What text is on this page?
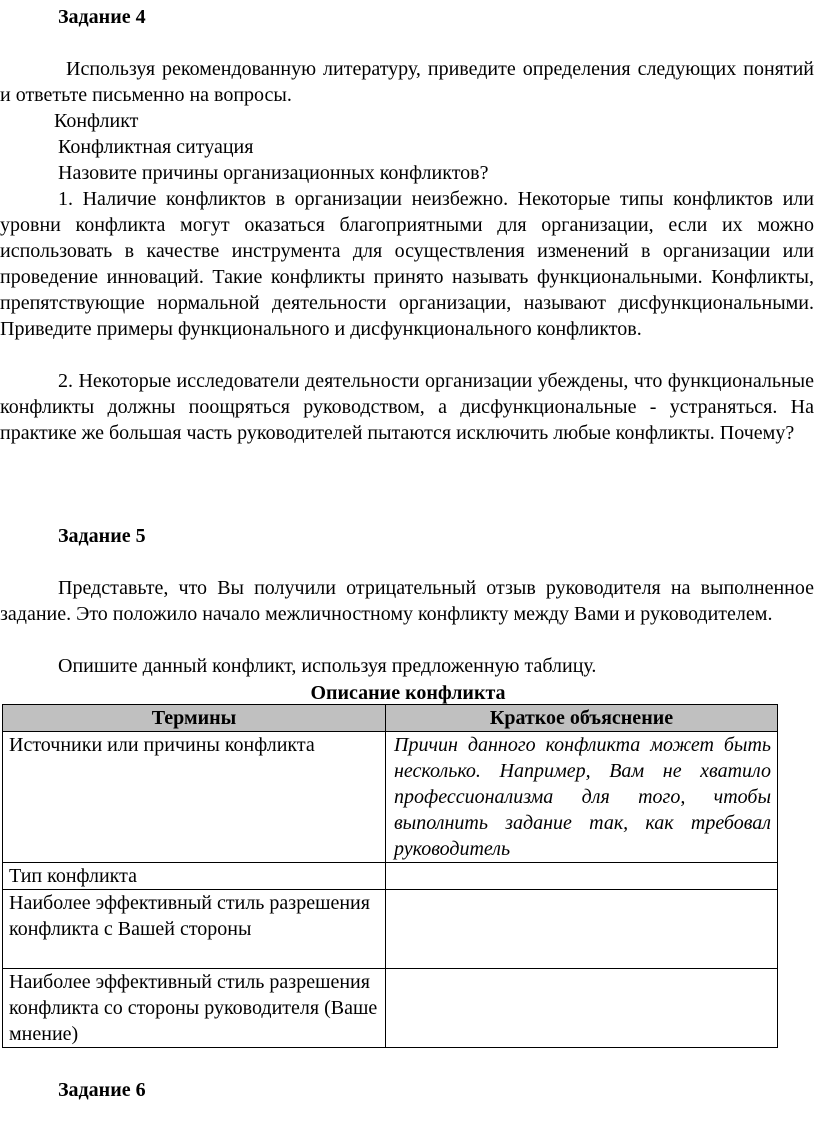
Задание 4

Используя рекомендованную литературу, приведите определения следующих понятий и ответьте письменно на вопросы.

Конфликт

Конфликтная ситуация

Назовите причины организационных конфликтов?

1. Наличие конфликтов в организации неизбежно. Некоторые типы конфликтов или уровни конфликта могут оказаться благоприятными для организации, если их можно использовать в качестве инструмента для осуществления изменений в организации или проведение инноваций. Такие конфликты принято называть функциональными. Конфликты, препятствующие нормальной деятельности организации, называют дисфункциональными. Приведите примеры функционального и дисфункционального конфликтов.

2. Некоторые исследователи деятельности организации убеждены, что функциональные конфликты должны поощряться руководством, а дисфункциональные - устраняться. На практике же большая часть руководителей пытаются исключить любые конфликты. Почему?

Задание 5

Представьте, что Вы получили отрицательный отзыв руководителя на выполненное задание. Это положило начало межличностному конфликту между Вами и руководителем.

Опишите данный конфликт, используя предложенную таблицу.

Описание конфликта

Термины	Краткое объяснение
Источники или причины конфликта	Причин данного конфликта может быть несколько. Например, Вам не хватило профессионализма для того, чтобы выполнить задание так, как требовал руководитель
Тип конфликта	
Наиболее эффективный стиль разрешения конфликта с Вашей стороны	
Наиболее эффективный стиль разрешения конфликта со стороны руководителя (Ваше мнение)	

Задание 6
